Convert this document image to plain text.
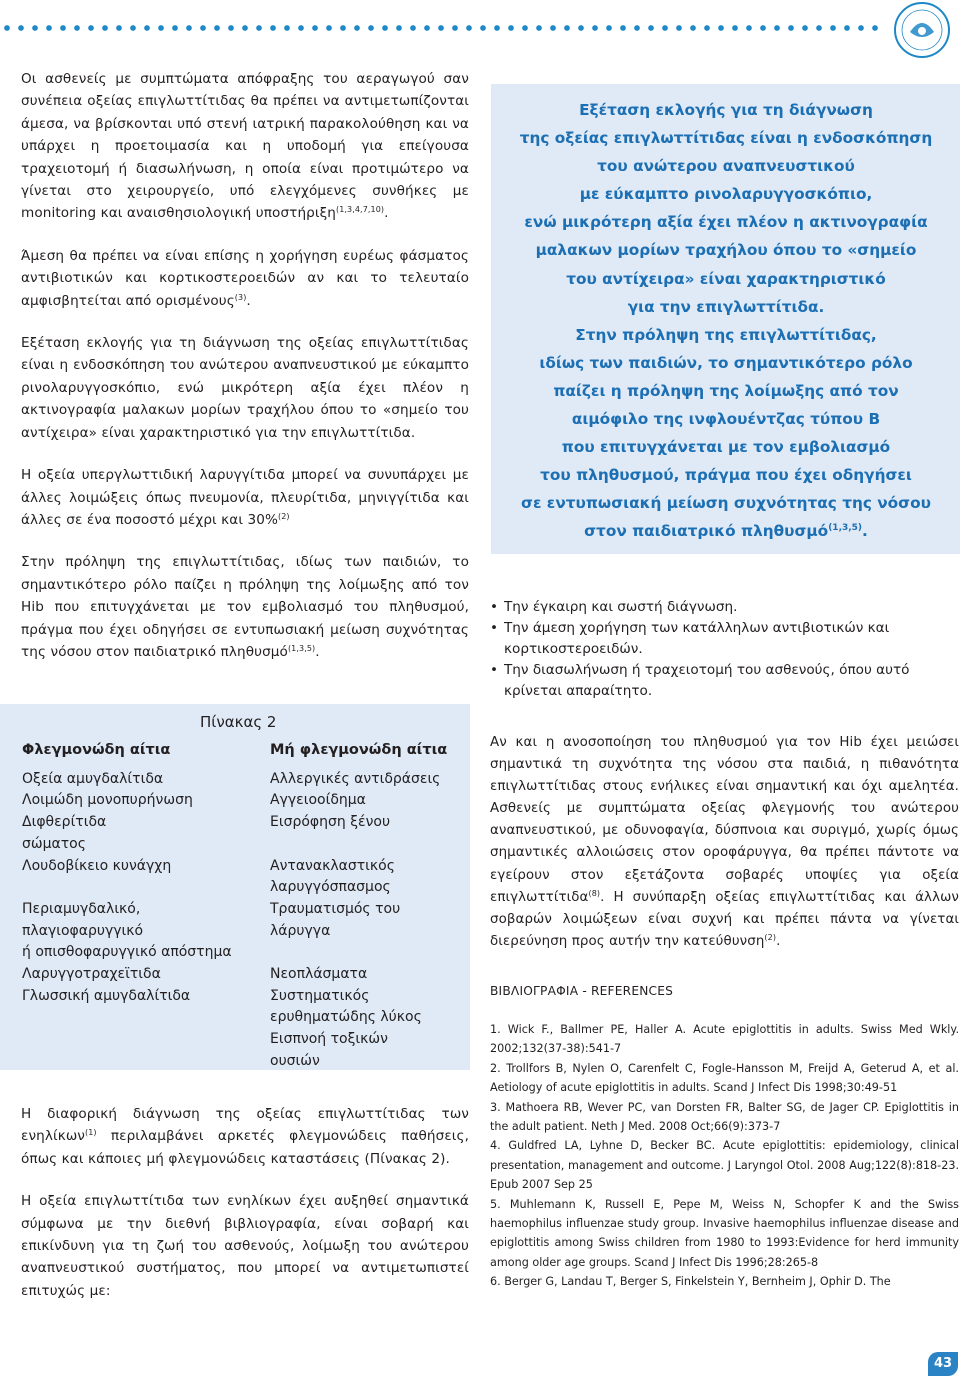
Οι ασθενείς με συμπτώματα απόφραξης του αεραγωγού σαν συνέπεια οξείας επιγλωττίτιδας θα πρέπει να αντιμετωπίζονται άμεσα, να βρίσκονται υπό στενή ιατρική παρακολούθηση και να υπάρχει η προετοιμασία και η υποδομή για επείγουσα τραχειοτομή ή διασωλήνωση, η οποία είναι προτιμώτερο να γίνεται στο χειρουργείο, υπό ελεγχόμενες συνθήκες με monitoring και αναισθησιολογική υποστήριξη$^{(1,3,4,7,10)}$.

Άμεση θα πρέπει να είναι επίσης η χορήγηση ευρέως φάσματος αντιβιοτικών και κορτικοστεροειδών αν και το τελευταίο αμφισβητείται από ορισμένους$^{(3)}$.

Εξέταση εκλογής για τη διάγνωση της οξείας επιγλωττίτιδας είναι η ενδοσκόπηση του ανώτερου αναπνευστικού με εύκαμπτο ρινολαρυγγοσκόπιο, ενώ μικρότερη αξία έχει πλέον η ακτινογραφία μαλακων μορίων τραχήλου όπου το «σημείο του αντίχειρα» είναι χαρακτηριστικό για την επιγλωττίτιδα.

Η οξεία υπεργλωττιδική λαρυγγίτιδα μπορεί να συνυπάρχει με άλλες λοιμώξεις όπως πνευμονία, πλευρίτιδα, μηνιγγίτιδα και άλλες σε ένα ποσοστό μέχρι και 30%$^{(2)}$

Στην πρόληψη της επιγλωττίτιδας, ιδίως των παιδιών, το σημαντικότερο ρόλο παίζει η πρόληψη της λοίμωξης από τον Hib που επιτυγχάνεται με τον εμβολιασμό του πληθυσμού, πράγμα που έχει οδηγήσει σε εντυπωσιακή μείωση συχνότητας της νόσου στον παιδιατρικό πληθυσμό$^{(1,3,5)}$.

Πίνακας 2
Φλεγμονώδη αίτια
Οξεία αμυγδαλίτιδα
Λοιμώδη μονοπυρήνωση
Διφθερίτιδα
σώματος
Λουδοβίκειο κυνάγχη

Περιαμυγδαλικό,
πλαγιοφαρυγγικό
ή οπισθοφαρυγγικό απόστημα
Λαρυγγοτραχεϊτιδα
Γλωσσική αμυγδαλίτιδα
Μή φλεγμονώδη αίτια
Αλλεργικές αντιδράσεις
Αγγειοοίδημα
Εισρόφηση ξένου

Αντανακλαστικός
λαρυγγόσπασμος
Τραυματισμός του
λάρυγγα

Νεοπλάσματα
Συστηματικός
ερυθηματώδης λύκος
Εισπνοή τοξικών
ουσιών

Η διαφορική διάγνωση της οξείας επιγλωττίτιδας των ενηλίκων$^{(1)}$ περιλαμβάνει αρκετές φλεγμονώδεις παθήσεις, όπως και κάποιες μή φλεγμονώδεις καταστάσεις (Πίνακας 2).

Η οξεία επιγλωττίτιδα των ενηλίκων έχει αυξηθεί σημαντικά σύμφωνα με την διεθνή βιβλιογραφία, είναι σοβαρή και επικίνδυνη για τη ζωή του ασθενούς, λοίμωξη του ανώτερου αναπνευστικού συστήματος, που μπορεί να αντιμετωπιστεί επιτυχώς με:

Εξέταση εκλογής για τη διάγνωση
της οξείας επιγλωττίτιδας είναι η ενδοσκόπηση
του ανώτερου αναπνευστικού
με εύκαμπτο ρινολαρυγγοσκόπιο,
ενώ μικρότερη αξία έχει πλέον η ακτινογραφία
μαλακων μορίων τραχήλου όπου το «σημείο
του αντίχειρα» είναι χαρακτηριστικό
για την επιγλωττίτιδα.
Στην πρόληψη της επιγλωττίτιδας,
ιδίως των παιδιών, το σημαντικότερο ρόλο
παίζει η πρόληψη της λοίμωξης από τον
αιμόφιλο της ινφλουέντζας τύπου Β
που επιτυγχάνεται με τον εμβολιασμό
του πληθυσμού, πράγμα που έχει οδηγήσει
σε εντυπωσιακή μείωση συχνότητας της νόσου
στον παιδιατρικό πληθυσμό$^{(1,3,5)}$.
• Την έγκαιρη και σωστή διάγνωση.
• Την άμεση χορήγηση των κατάλληλων αντιβιοτικών και κορτικοστεροειδών.
• Την διασωλήνωση ή τραχειοτομή του ασθενούς, όπου αυτό κρίνεται απαραίτητο.

Αν και η ανοσοποίηση του πληθυσμού για τον Hib έχει μειώσει σημαντικά τη συχνότητα της νόσου στα παιδιά, η πιθανότητα επιγλωττίτιδας στους ενήλικες είναι σημαντική και όχι αμελητέα. Ασθενείς με συμπτώματα οξείας φλεγμονής του ανώτερου αναπνευστικού, με οδυνοφαγία, δύσπνοια και συριγμό, χωρίς όμως σημαντικές αλλοιώσεις στον οροφάρυγγα, θα πρέπει πάντοτε να εγείρουν στον εξετάζοντα σοβαρές υποψίες για οξεία επιγλωττίτιδα$^{(8)}$. Η συνύπαρξη οξείας επιγλωττίτιδας και άλλων σοβαρών λοιμώξεων είναι συχνή και πρέπει πάντα να γίνεται διερεύνηση προς αυτήν την κατεύθυνση$^{(2)}$.

ΒΙΒΛΙΟΓΡΑΦΙΑ - REFERENCES
1. Wick F., Ballmer PE, Haller A. Acute epiglottitis in adults. Swiss Med Wkly. 2002;132(37-38):541-7
2. Trollfors B, Nylen O, Carenfelt C, Fogle-Hansson M, Freijd A, Geterud A, et al. Aetiology of acute epiglottitis in adults. Scand J Infect Dis 1998;30:49-51
3. Mathoera RB, Wever PC, van Dorsten FR, Balter SG, de Jager CP. Epiglottitis in the adult patient. Neth J Med. 2008 Oct;66(9):373-7
4. Guldfred LA, Lyhne D, Becker BC. Acute epiglottitis: epidemiology, clinical presentation, management and outcome. J Laryngol Otol. 2008 Aug;122(8):818-23. Epub 2007 Sep 25
5. Muhlemann K, Russell E, Pepe M, Weiss N, Schopfer K and the Swiss haemophilus influenzae study group. Invasive haemophilus influenzae disease and epiglottitis among Swiss children from 1980 to 1993:Evidence for herd immunity among older age groups. Scand J Infect Dis 1996;28:265-8
6. Berger G, Landau T, Berger S, Finkelstein Y, Bernheim J, Ophir D. The
43
